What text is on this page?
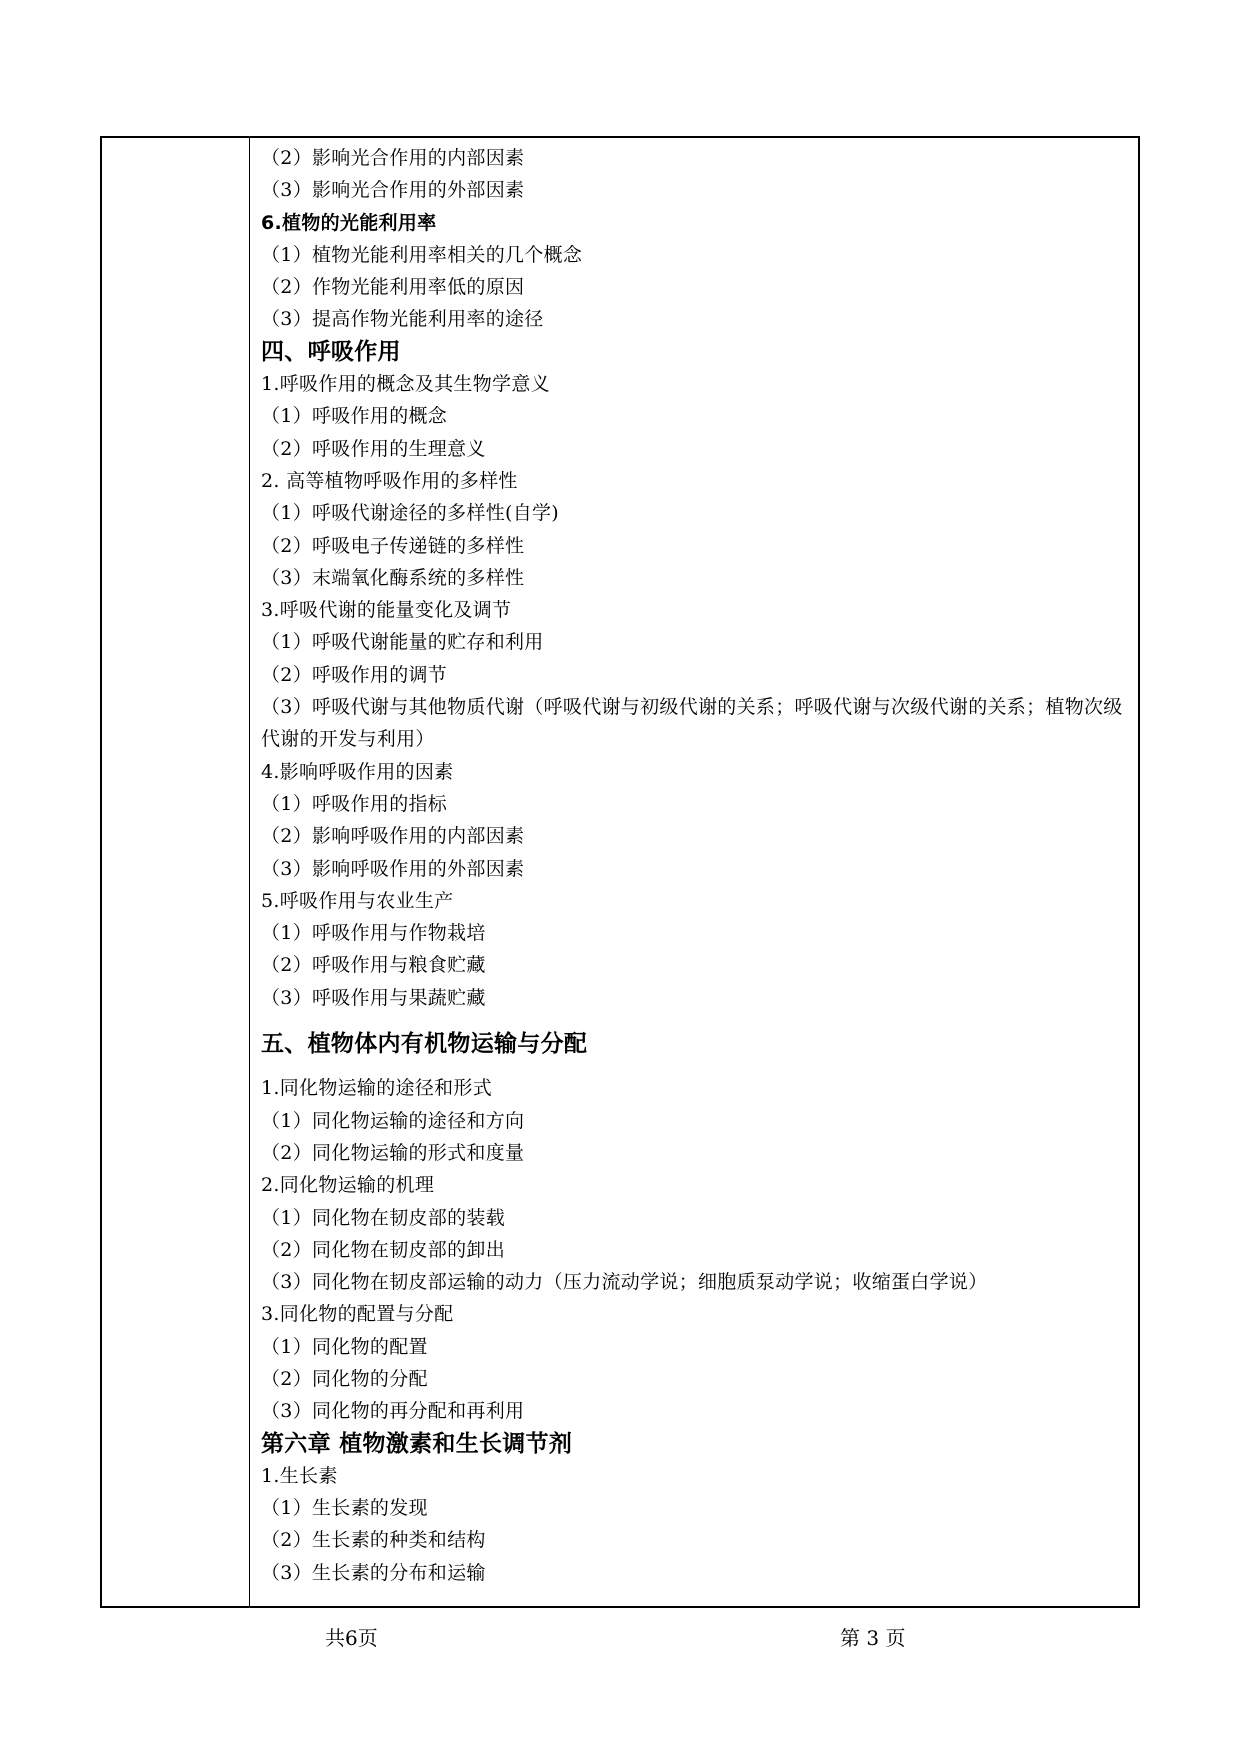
（2）影响光合作用的内部因素
（3）影响光合作用的外部因素
6.植物的光能利用率
（1）植物光能利用率相关的几个概念
（2）作物光能利用率低的原因
（3）提高作物光能利用率的途径
四、呼吸作用
1.呼吸作用的概念及其生物学意义
（1）呼吸作用的概念
（2）呼吸作用的生理意义
2. 高等植物呼吸作用的多样性
（1）呼吸代谢途径的多样性(自学)
（2）呼吸电子传递链的多样性
（3）末端氧化酶系统的多样性
3.呼吸代谢的能量变化及调节
（1）呼吸代谢能量的贮存和利用
（2）呼吸作用的调节
（3）呼吸代谢与其他物质代谢（呼吸代谢与初级代谢的关系；呼吸代谢与次级代谢的关系；植物次级代谢的开发与利用）
4.影响呼吸作用的因素
（1）呼吸作用的指标
（2）影响呼吸作用的内部因素
（3）影响呼吸作用的外部因素
5.呼吸作用与农业生产
（1）呼吸作用与作物栽培
（2）呼吸作用与粮食贮藏
（3）呼吸作用与果蔬贮藏
五、植物体内有机物运输与分配
1.同化物运输的途径和形式
（1）同化物运输的途径和方向
（2）同化物运输的形式和度量
2.同化物运输的机理
（1）同化物在韧皮部的装载
（2）同化物在韧皮部的卸出
（3）同化物在韧皮部运输的动力（压力流动学说；细胞质泵动学说；收缩蛋白学说）
3.同化物的配置与分配
（1）同化物的配置
（2）同化物的分配
（3）同化物的再分配和再利用
第六章 植物激素和生长调节剂
1.生长素
（1）生长素的发现
（2）生长素的种类和结构
（3）生长素的分布和运输
共6页	第 3 页
